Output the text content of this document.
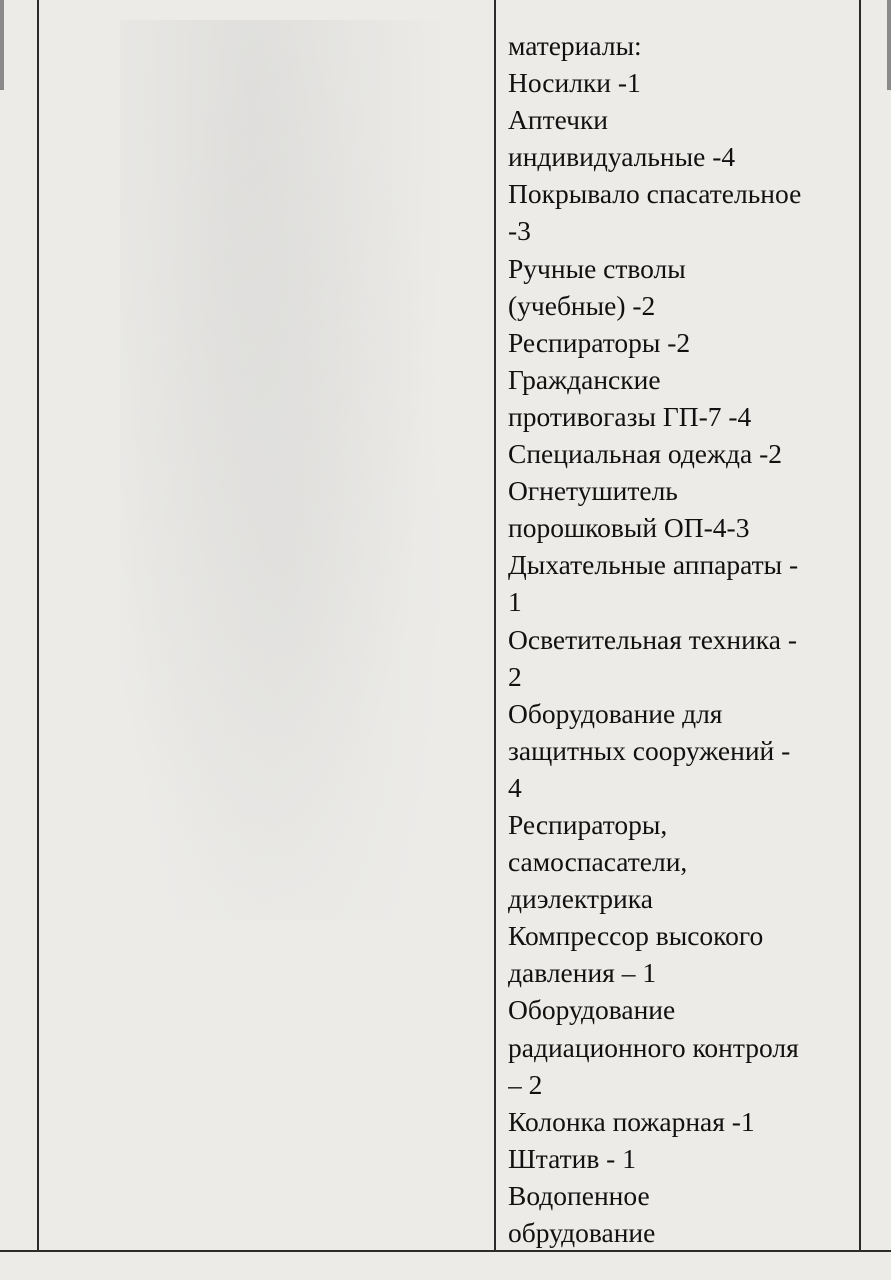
материалы:
Носилки -1
Аптечки
индивидуальные -4
Покрывало спасательное
-3
Ручные стволы
(учебные) -2
Респираторы -2
Гражданские
противогазы ГП-7 -4
Специальная одежда -2
Огнетушитель
порошковый ОП-4-3
Дыхательные аппараты -
1
Осветительная техника -
2
Оборудование для
защитных сооружений -
4
Респираторы,
самоспасатели,
диэлектрика
Компрессор высокого
давления – 1
Оборудование
радиационного контроля
– 2
Колонка пожарная -1
Штатив - 1
Водопенное
обрудование
